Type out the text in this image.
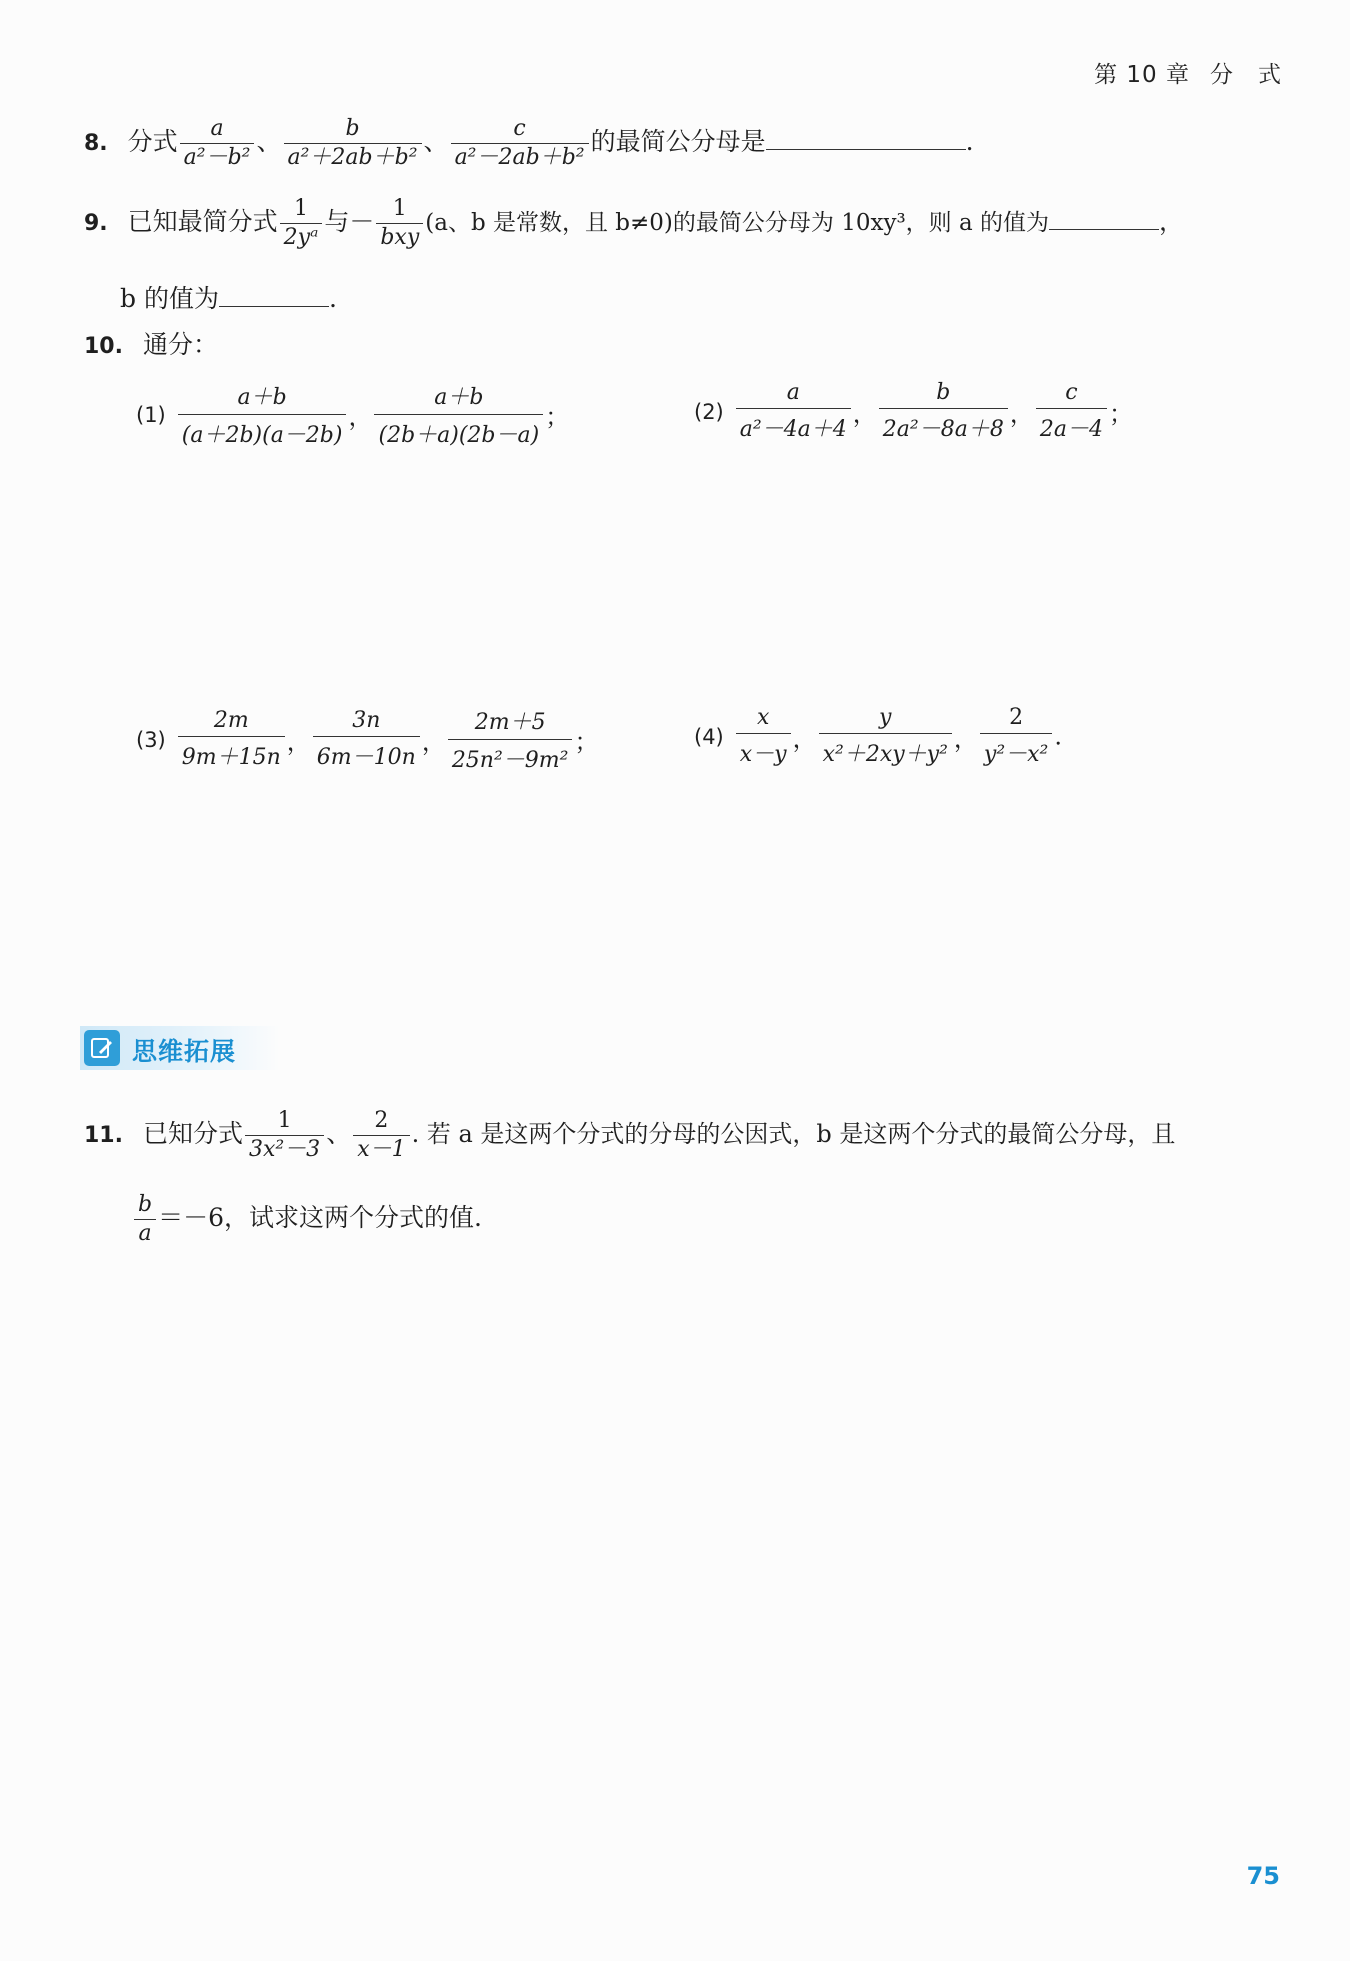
第 10 章 分　式
8. 分式 $\frac{a}{\text{a²－b²}}$ 、 $\frac{b}{\text{a²＋2ab＋b²}}$ 、 $\frac{c}{\text{a²－2ab＋b²}}$ 的最简公分母是	.
9. 已知最简分式 $\frac{1}{\text{2yᵃ}}$ 与－ $\frac{1}{\text{bxy}} (a$、b 是常数，且 b≠0)的最简公分母为 10xy³，则 a 的值为	，
b 的值为	.
10. 通分：
$(1) \frac{a+b}{(a+2b)(a-2b)}$ ， $\frac{a+b}{(2b+a)(2b-a)}$ ；	$(2) \frac{a}{\text{a²－4a＋4}}$ ， $\frac{b}{\text{2a²－8a＋8}}$ ， $\frac{c}{2a-4}$ ；
$(3) \frac{2m}{9m+15n}$ ， $\frac{3n}{6m-10n}$ ， $\frac{2m+5}{\text{25n²－9m²}}$ ；	$(4) \frac{x}{x-y}$ ， $\frac{y}{\text{x²＋2xy＋y²}}$ ， $\frac{2}{\text{y²－x²}}$ .
思维拓展
11. 已知分式 $\frac{1}{\text{3x²－3}}$ 、 $\frac{2}{x-1}$ . 若 a 是这两个分式的分母的公因式，b 是这两个分式的最简公分母，且
$\frac{b}{a} =-6$，试求这两个分式的值.
75
